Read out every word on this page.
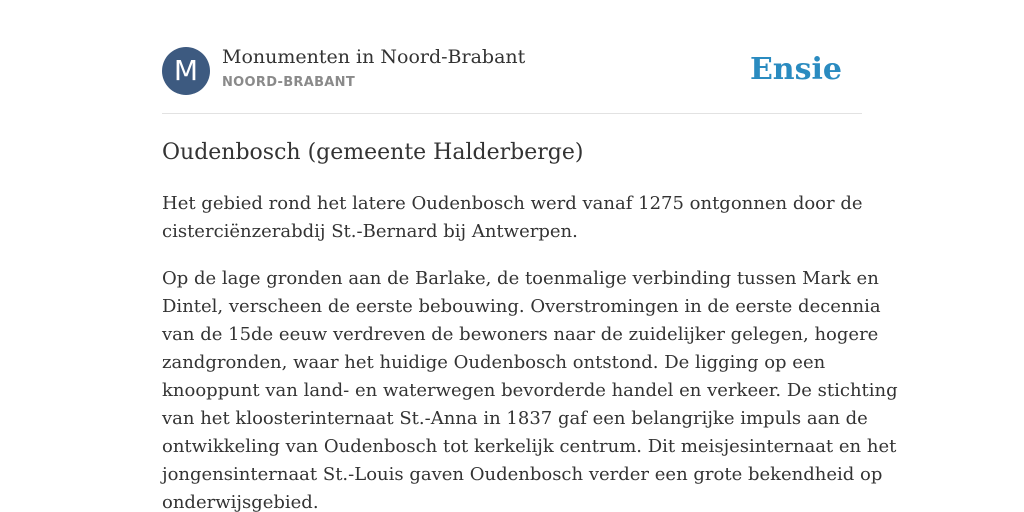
M	Monumenten in Noord-Brabant
NOORD-BRABANT	Ensie
Oudenbosch (gemeente Halderberge)

Het gebied rond het latere Oudenbosch werd vanaf 1275 ontgonnen door de
cisterciënzerabdij St.-Bernard bij Antwerpen.

Op de lage gronden aan de Barlake, de toenmalige verbinding tussen Mark en
Dintel, verscheen de eerste bebouwing. Overstromingen in de eerste decennia
van de 15de eeuw verdreven de bewoners naar de zuidelijker gelegen, hogere
zandgronden, waar het huidige Oudenbosch ontstond. De ligging op een
knooppunt van land- en waterwegen bevorderde handel en verkeer. De stichting
van het kloosterinternaat St.-Anna in 1837 gaf een belangrijke impuls aan de
ontwikkeling van Oudenbosch tot kerkelijk centrum. Dit meisjesinternaat en het
jongensinternaat St.-Louis gaven Oudenbosch verder een grote bekendheid op
onderwijsgebied.
